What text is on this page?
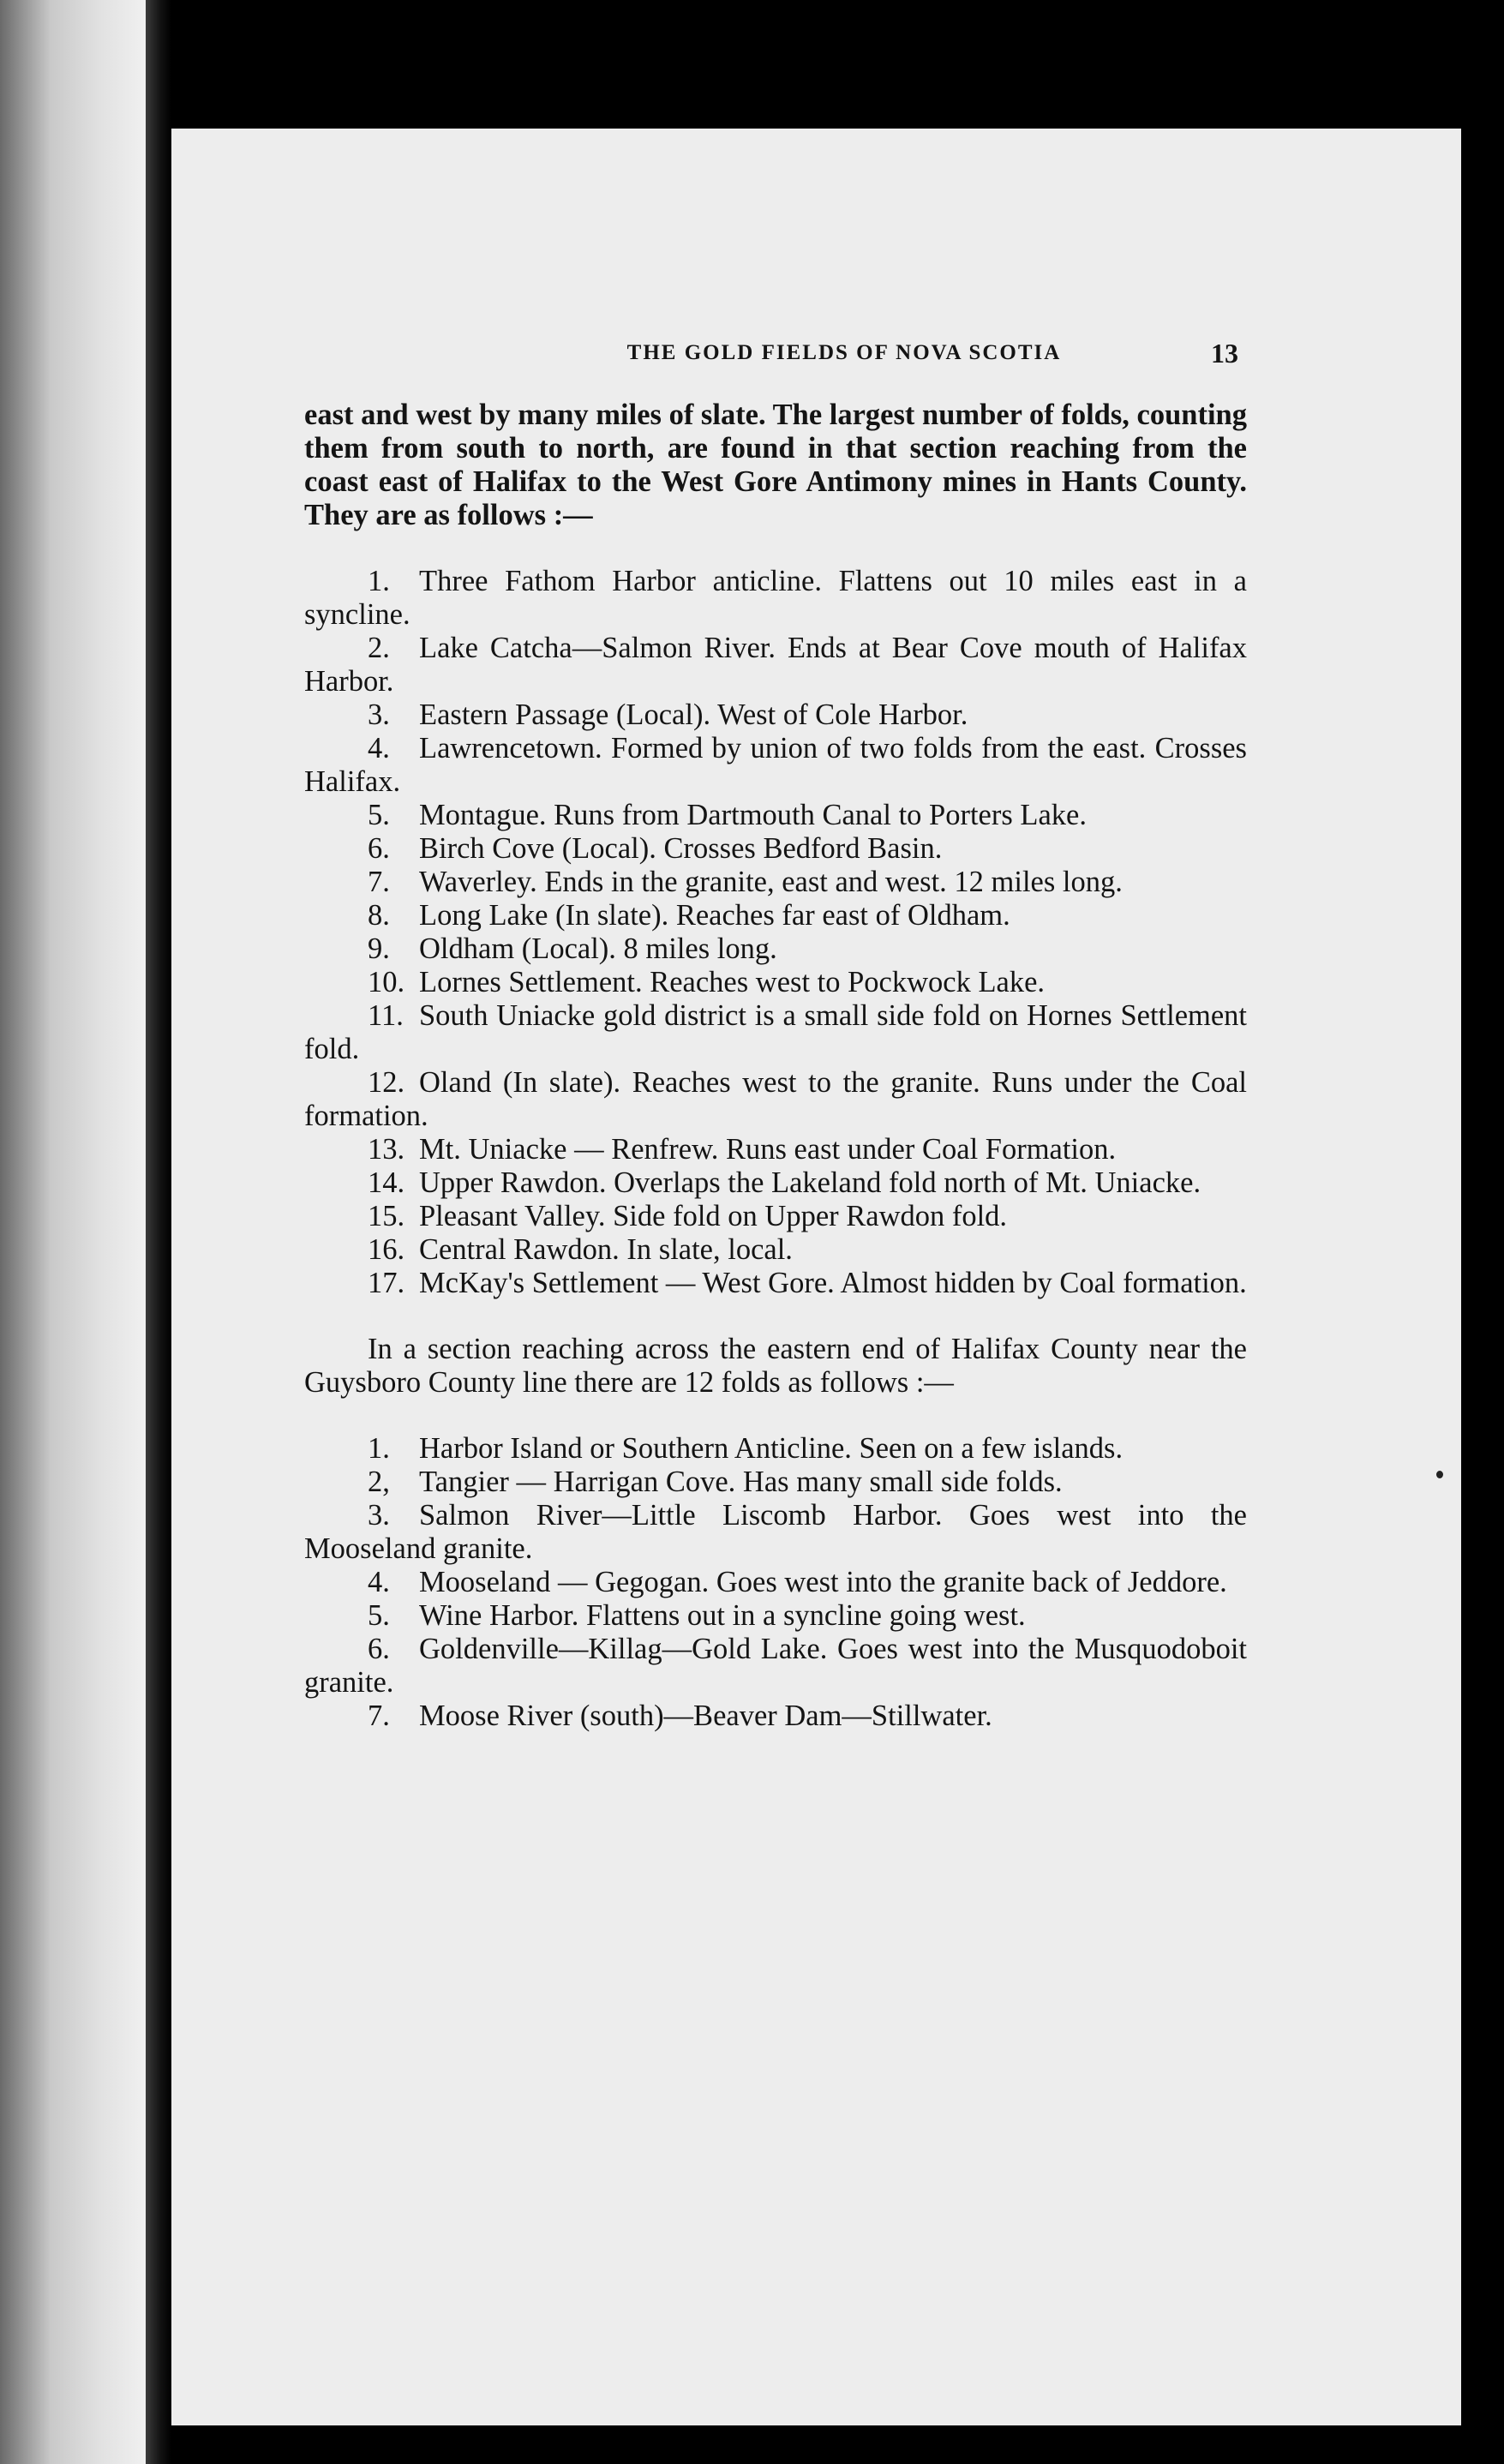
THE GOLD FIELDS OF NOVA SCOTIA	13

east and west by many miles of slate. The largest number of folds, counting them from south to north, are found in that section reaching from the coast east of Halifax to the West Gore Antimony mines in Hants County. They are as follows :—

1. Three Fathom Harbor anticline. Flattens out 10 miles east in a syncline.
2. Lake Catcha—Salmon River. Ends at Bear Cove mouth of Halifax Harbor.
3. Eastern Passage (Local). West of Cole Harbor.
4. Lawrencetown. Formed by union of two folds from the east. Crosses Halifax.
5. Montague. Runs from Dartmouth Canal to Porters Lake.
6. Birch Cove (Local). Crosses Bedford Basin.
7. Waverley. Ends in the granite, east and west. 12 miles long.
8. Long Lake (In slate). Reaches far east of Oldham.
9. Oldham (Local). 8 miles long.
10. Lornes Settlement. Reaches west to Pockwock Lake.
11. South Uniacke gold district is a small side fold on Hornes Settlement fold.
12. Oland (In slate). Reaches west to the granite. Runs under the Coal formation.
13. Mt. Uniacke — Renfrew. Runs east under Coal Formation.
14. Upper Rawdon. Overlaps the Lakeland fold north of Mt. Uniacke.
15. Pleasant Valley. Side fold on Upper Rawdon fold.
16. Central Rawdon. In slate, local.
17. McKay's Settlement — West Gore. Almost hidden by Coal formation.

In a section reaching across the eastern end of Halifax County near the Guysboro County line there are 12 folds as follows :—

1. Harbor Island or Southern Anticline. Seen on a few islands.
2, Tangier — Harrigan Cove. Has many small side folds.
3. Salmon River—Little Liscomb Harbor. Goes west into the Mooseland granite.
4. Mooseland — Gegogan. Goes west into the granite back of Jeddore.
5. Wine Harbor. Flattens out in a syncline going west.
6. Goldenville—Killag—Gold Lake. Goes west into the Musquodoboit granite.
7. Moose River (south)—Beaver Dam—Stillwater.
